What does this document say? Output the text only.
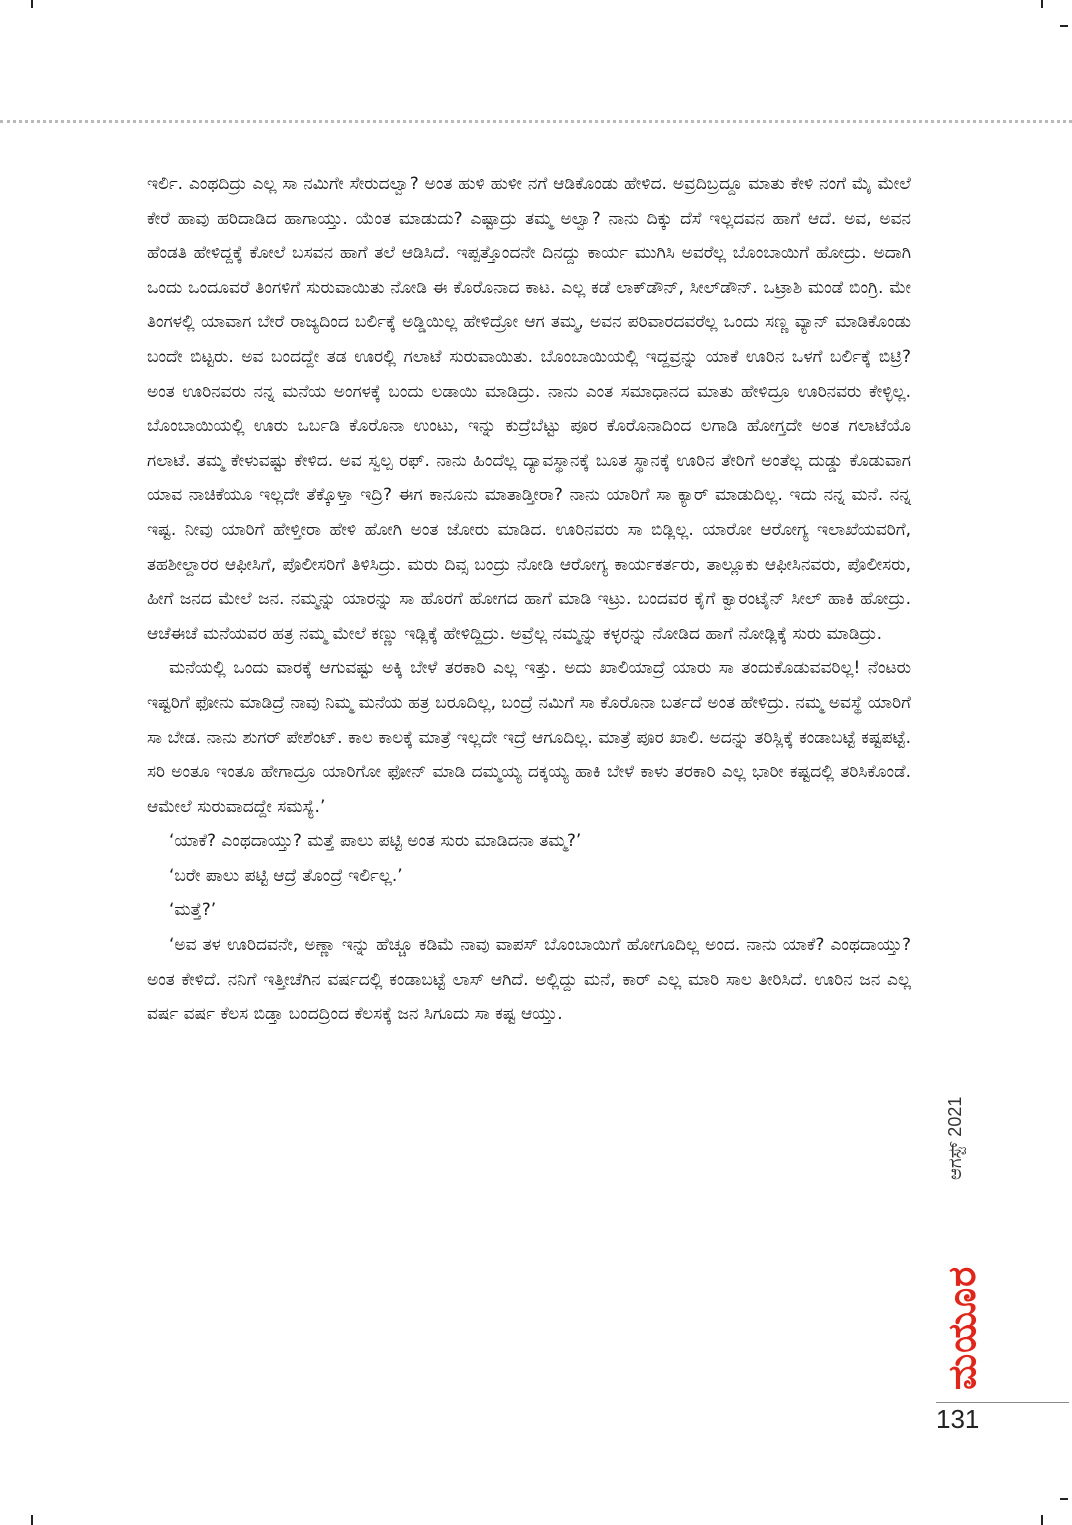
ಇರ್ಲಿ. ಎಂಥದಿದ್ರು ಎಲ್ಲ ಸಾ ನಮಿಗೇ ಸೇರುದಲ್ವಾ? ಅಂತ ಹುಳಿ ಹುಳೀ ನಗೆ ಆಡಿಕೊಂಡು ಹೇಳಿದ. ಅವ್ರದಿಬ್ರದ್ದೂ ಮಾತು ಕೇಳಿ ನಂಗೆ ಮೈ ಮೇಲೆ ಕೇರೆ ಹಾವು ಹರಿದಾಡಿದ ಹಾಗಾಯ್ತು. ಯೆಂತ ಮಾಡುದು? ಎಷ್ಟಾದ್ರು ತಮ್ಮ ಅಲ್ವಾ? ನಾನು ದಿಕ್ಕು ದೆಸೆ ಇಲ್ಲದವನ ಹಾಗೆ ಆದೆ. ಅವ, ಅವನ ಹೆಂಡತಿ ಹೇಳಿದ್ದಕ್ಕೆ ಕೋಲೆ ಬಸವನ ಹಾಗೆ ತಲೆ ಆಡಿಸಿದೆ. ಇಪ್ಪತ್ತೊಂದನೇ ದಿನದ್ದು ಕಾರ್ಯ ಮುಗಿಸಿ ಅವರೆಲ್ಲ ಬೊಂಬಾಯಿಗೆ ಹೋದ್ರು. ಅದಾಗಿ ಒಂದು ಒಂದೂವರೆ ತಿಂಗಳಿಗೆ ಸುರುವಾಯಿತು ನೋಡಿ ಈ ಕೊರೊನಾದ ಕಾಟ. ಎಲ್ಲ ಕಡೆ ಲಾಕ್‌ಡೌನ್, ಸೀಲ್‌ಡೌನ್. ಒಟ್ರಾಶಿ ಮಂಡೆ ಬಿಂಗ್ರಿ. ಮೇ ತಿಂಗಳಲ್ಲಿ ಯಾವಾಗ ಬೇರೆ ರಾಜ್ಯದಿಂದ ಬರ್ಲಿಕ್ಕೆ ಅಡ್ಡಿಯಿಲ್ಲ ಹೇಳಿದ್ರೋ ಆಗ ತಮ್ಮ, ಅವನ ಪರಿವಾರದವರೆಲ್ಲ ಒಂದು ಸಣ್ಣ ವ್ಯಾನ್ ಮಾಡಿಕೊಂಡು ಬಂದೇ ಬಿಟ್ಟರು. ಅವ ಬಂದದ್ದೇ ತಡ ಊರಲ್ಲಿ ಗಲಾಟೆ ಸುರುವಾಯಿತು. ಬೊಂಬಾಯಿಯಲ್ಲಿ ಇದ್ದವ್ರನ್ನು ಯಾಕೆ ಊರಿನ ಒಳಗೆ ಬರ್ಲಿಕ್ಕೆ ಬಿಟ್ರಿ? ಅಂತ ಊರಿನವರು ನನ್ನ ಮನೆಯ ಅಂಗಳಕ್ಕೆ ಬಂದು ಲಡಾಯಿ ಮಾಡಿದ್ರು. ನಾನು ಎಂತ ಸಮಾಧಾನದ ಮಾತು ಹೇಳಿದ್ರೂ ಊರಿನವರು ಕೇಳ್ಳಿಲ್ಲ. ಬೊಂಬಾಯಿಯಲ್ಲಿ ಊರು ಒರ್ಬಡಿ ಕೊರೊನಾ ಉಂಟು, ಇನ್ನು ಕುದ್ರೆಬೆಟ್ಟು ಪೂರ ಕೊರೊನಾದಿಂದ ಲಗಾಡಿ ಹೋಗ್ತದೇ ಅಂತ ಗಲಾಟೆಯೊ ಗಲಾಟೆ. ತಮ್ಮ ಕೇಳುವಷ್ಟು ಕೇಳಿದ. ಅವ ಸ್ವಲ್ಪ ರಫ್. ನಾನು ಹಿಂದೆಲ್ಲ ದ್ಯಾವಸ್ಥಾನಕ್ಕೆ ಬೂತ ಸ್ಥಾನಕ್ಕೆ ಊರಿನ ತೇರಿಗೆ ಅಂತೆಲ್ಲ ದುಡ್ಡು ಕೊಡುವಾಗ ಯಾವ ನಾಚಿಕೆಯೂ ಇಲ್ಲದೇ ತೆಕ್ಕೊಳ್ತಾ ಇದ್ರಿ? ಈಗ ಕಾನೂನು ಮಾತಾಡ್ತೀರಾ? ನಾನು ಯಾರಿಗೆ ಸಾ ಕ್ಯಾರ್ ಮಾಡುದಿಲ್ಲ. ಇದು ನನ್ನ ಮನೆ. ನನ್ನ ಇಷ್ಟ. ನೀವು ಯಾರಿಗೆ ಹೇಳ್ತೀರಾ ಹೇಳಿ ಹೋಗಿ ಅಂತ ಜೋರು ಮಾಡಿದ. ಊರಿನವರು ಸಾ ಬಿಡ್ಲಿಲ್ಲ. ಯಾರೋ ಆರೋಗ್ಯ ಇಲಾಖೆಯವರಿಗೆ, ತಹಶೀಲ್ದಾರರ ಆಫೀಸಿಗೆ, ಪೊಲೀಸರಿಗೆ ತಿಳಿಸಿದ್ರು. ಮರು ದಿವ್ಸ ಬಂದ್ರು ನೋಡಿ ಆರೋಗ್ಯ ಕಾರ್ಯಕರ್ತರು, ತಾಲ್ಲೂಕು ಆಫೀಸಿನವರು, ಪೊಲೀಸರು, ಹೀಗೆ ಜನದ ಮೇಲೆ ಜನ. ನಮ್ಮನ್ನು ಯಾರನ್ನು ಸಾ ಹೊರಗೆ ಹೋಗದ ಹಾಗೆ ಮಾಡಿ ಇಟ್ರು. ಬಂದವರ ಕೈಗೆ ಕ್ವಾರಂಟೈನ್ ಸೀಲ್ ಹಾಕಿ ಹೋದ್ರು. ಆಚೆಈಚೆ ಮನೆಯವರ ಹತ್ರ ನಮ್ಮ ಮೇಲೆ ಕಣ್ಣು ಇಡ್ಲಿಕ್ಕೆ ಹೇಳಿದ್ದಿದ್ರು. ಅವ್ರೆಲ್ಲ ನಮ್ಮನ್ನು ಕಳ್ಳರನ್ನು ನೋಡಿದ ಹಾಗೆ ನೋಡ್ಲಿಕ್ಕೆ ಸುರು ಮಾಡಿದ್ರು.

ಮನೆಯಲ್ಲಿ ಒಂದು ವಾರಕ್ಕೆ ಆಗುವಷ್ಟು ಅಕ್ಕಿ ಬೇಳೆ ತರಕಾರಿ ಎಲ್ಲ ಇತ್ತು. ಅದು ಖಾಲಿಯಾದ್ರೆ ಯಾರು ಸಾ ತಂದುಕೊಡುವವರಿಲ್ಲ! ನೆಂಟರು ಇಷ್ಟರಿಗೆ ಫೋನು ಮಾಡಿದ್ರೆ ನಾವು ನಿಮ್ಮ ಮನೆಯ ಹತ್ರ ಬರೂದಿಲ್ಲ, ಬಂದ್ರೆ ನಮಿಗೆ ಸಾ ಕೊರೊನಾ ಬರ್ತದೆ ಅಂತ ಹೇಳಿದ್ರು. ನಮ್ಮ ಅವಸ್ಥೆ ಯಾರಿಗೆ ಸಾ ಬೇಡ. ನಾನು ಶುಗರ್ ಪೇಶೆಂಟ್. ಕಾಲ ಕಾಲಕ್ಕೆ ಮಾತ್ರೆ ಇಲ್ಲದೇ ಇದ್ರೆ ಆಗೂದಿಲ್ಲ. ಮಾತ್ರೆ ಪೂರ ಖಾಲಿ. ಅದನ್ನು ತರಿಸ್ಲಿಕ್ಕೆ ಕಂಡಾಬಟ್ಟೆ ಕಷ್ಟಪಟ್ಟೆ. ಸರಿ ಅಂತೂ ಇಂತೂ ಹೇಗಾದ್ರೂ ಯಾರಿಗೋ ಫೋನ್ ಮಾಡಿ ದಮ್ಮಯ್ಯ ದಕ್ಕಯ್ಯ ಹಾಕಿ ಬೇಳೆ ಕಾಳು ತರಕಾರಿ ಎಲ್ಲ ಭಾರೀ ಕಷ್ಟದಲ್ಲಿ ತರಿಸಿಕೊಂಡೆ. ಆಮೇಲೆ ಸುರುವಾದದ್ದೇ ಸಮಸ್ಯೆ.’

‘ಯಾಕೆ? ಎಂಥದಾಯ್ತು? ಮತ್ತೆ ಪಾಲು ಪಟ್ಟಿ ಅಂತ ಸುರು ಮಾಡಿದನಾ ತಮ್ಮ?’

‘ಬರೇ ಪಾಲು ಪಟ್ಟಿ ಆದ್ರೆ ತೊಂದ್ರೆ ಇರ್ಲಿಲ್ಲ.’

‘ಮತ್ತೆ?’

‘ಅವ ತಳ ಊರಿದವನೇ, ಅಣ್ಣಾ ಇನ್ನು ಹೆಚ್ಚೂ ಕಡಿಮೆ ನಾವು ವಾಪಸ್ ಬೊಂಬಾಯಿಗೆ ಹೋಗೂದಿಲ್ಲ ಅಂದ. ನಾನು ಯಾಕೆ? ಎಂಥದಾಯ್ತು? ಅಂತ ಕೇಳಿದೆ. ನನಿಗೆ ಇತ್ತೀಚೆಗಿನ ವರ್ಷದಲ್ಲಿ ಕಂಡಾಬಟ್ಟೆ ಲಾಸ್ ಆಗಿದೆ. ಅಲ್ಲಿದ್ದು ಮನೆ, ಕಾರ್ ಎಲ್ಲ ಮಾರಿ ಸಾಲ ತೀರಿಸಿದೆ. ಊರಿನ ಜನ ಎಲ್ಲ ವರ್ಷ ವರ್ಷ ಕೆಲಸ ಬಿಡ್ತಾ ಬಂದದ್ರಿಂದ ಕೆಲಸಕ್ಕೆ ಜನ ಸಿಗೂದು ಸಾ ಕಷ್ಟ ಆಯ್ತು.

ಆಗಸ್ಟ್ 2021
ಮಯೂರ
131
